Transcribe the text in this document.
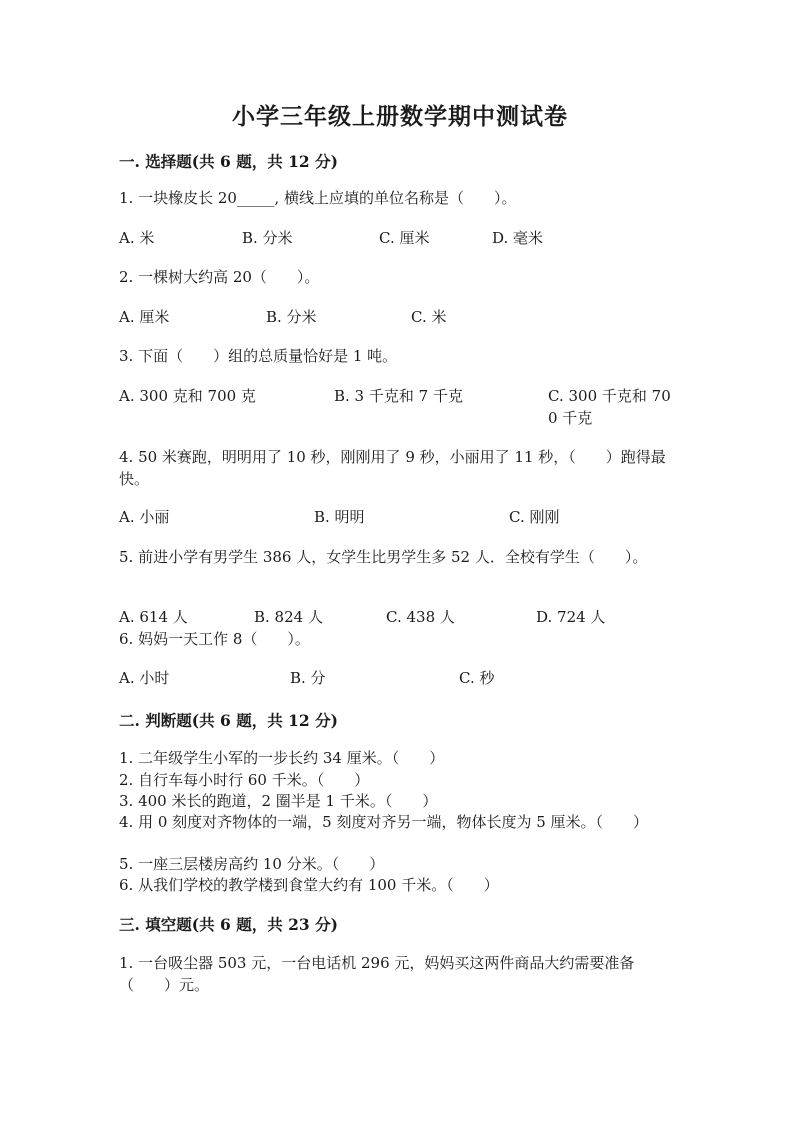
小学三年级上册数学期中测试卷
一. 选择题(共 6 题，共 12 分)
1. 一块橡皮长 20_____, 横线上应填的单位名称是（　　）。
A. 米	B. 分米	C. 厘米	D. 毫米
2. 一棵树大约高 20（　　）。
A. 厘米	B. 分米	C. 米
3. 下面（　　）组的总质量恰好是 1 吨。
A. 300 克和 700 克	B. 3 千克和 7 千克	C. 300 千克和 700 千克
4. 50 米赛跑，明明用了 10 秒，刚刚用了 9 秒，小丽用了 11 秒，（　　）跑得最快。
A. 小丽	B. 明明	C. 刚刚
5. 前进小学有男学生 386 人，女学生比男学生多 52 人．全校有学生（　　）。
A. 614 人	B. 824 人	C. 438 人	D. 724 人
6. 妈妈一天工作 8（　　）。
A. 小时	B. 分	C. 秒
二. 判断题(共 6 题，共 12 分)
1. 二年级学生小军的一步长约 34 厘米。（　　）
2. 自行车每小时行 60 千米。（　　）
3. 400 米长的跑道，2 圈半是 1 千米。（　　）
4. 用 0 刻度对齐物体的一端，5 刻度对齐另一端，物体长度为 5 厘米。（　　）
5. 一座三层楼房高约 10 分米。（　　）
6. 从我们学校的教学楼到食堂大约有 100 千米。（　　）
三. 填空题(共 6 题，共 23 分)
1. 一台吸尘器 503 元，一台电话机 296 元，妈妈买这两件商品大约需要准备（　　）元。
